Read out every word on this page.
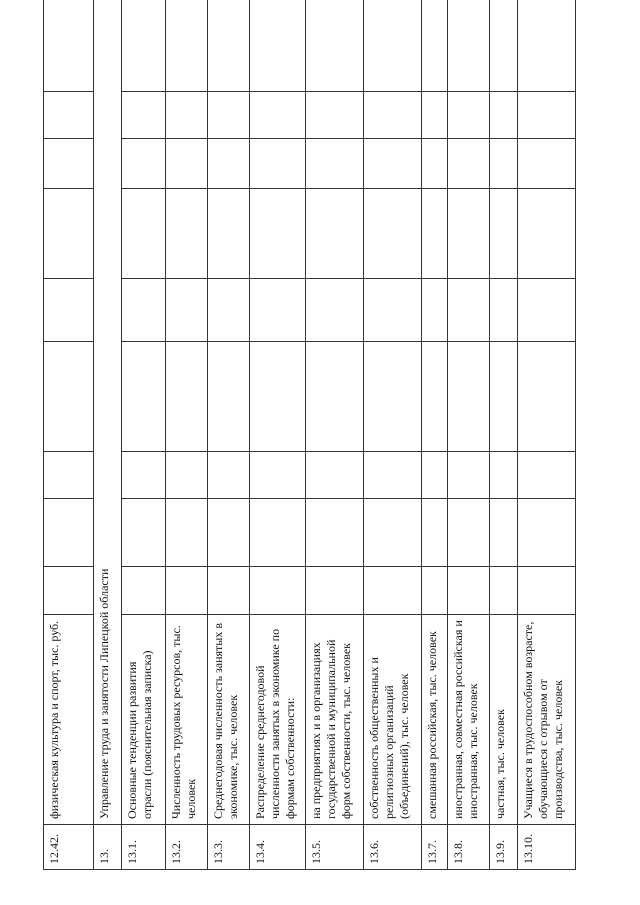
12.42.	физическая культура и спорт, тыс. руб.										
13.	Управление труда и занятости Липецкой области										
13.1.	Основные тенденции развития отрасли (пояснительная записка)										
13.2.	Численность трудовых ресурсов, тыс. человек										
13.3.	Среднегодовая численность занятых в экономике, тыс. человек										
13.4.	Распределение среднегодовой численности занятых в экономике по формам собственности:										
13.5.	на предприятиях и в организациях государственной и муниципальной форм собственности, тыс. человек										
13.6.	собственность общественных и религиозных организаций (объединений), тыс. человек										
13.7.	смешанная российская, тыс. человек										
13.8.	иностранная, совместная российская и иностранная, тыс. человек										
13.9.	частная, тыс. человек										
13.10.	Учащиеся в трудоспособном возрасте, обучающиеся с отрывом от производства, тыс. человек										
